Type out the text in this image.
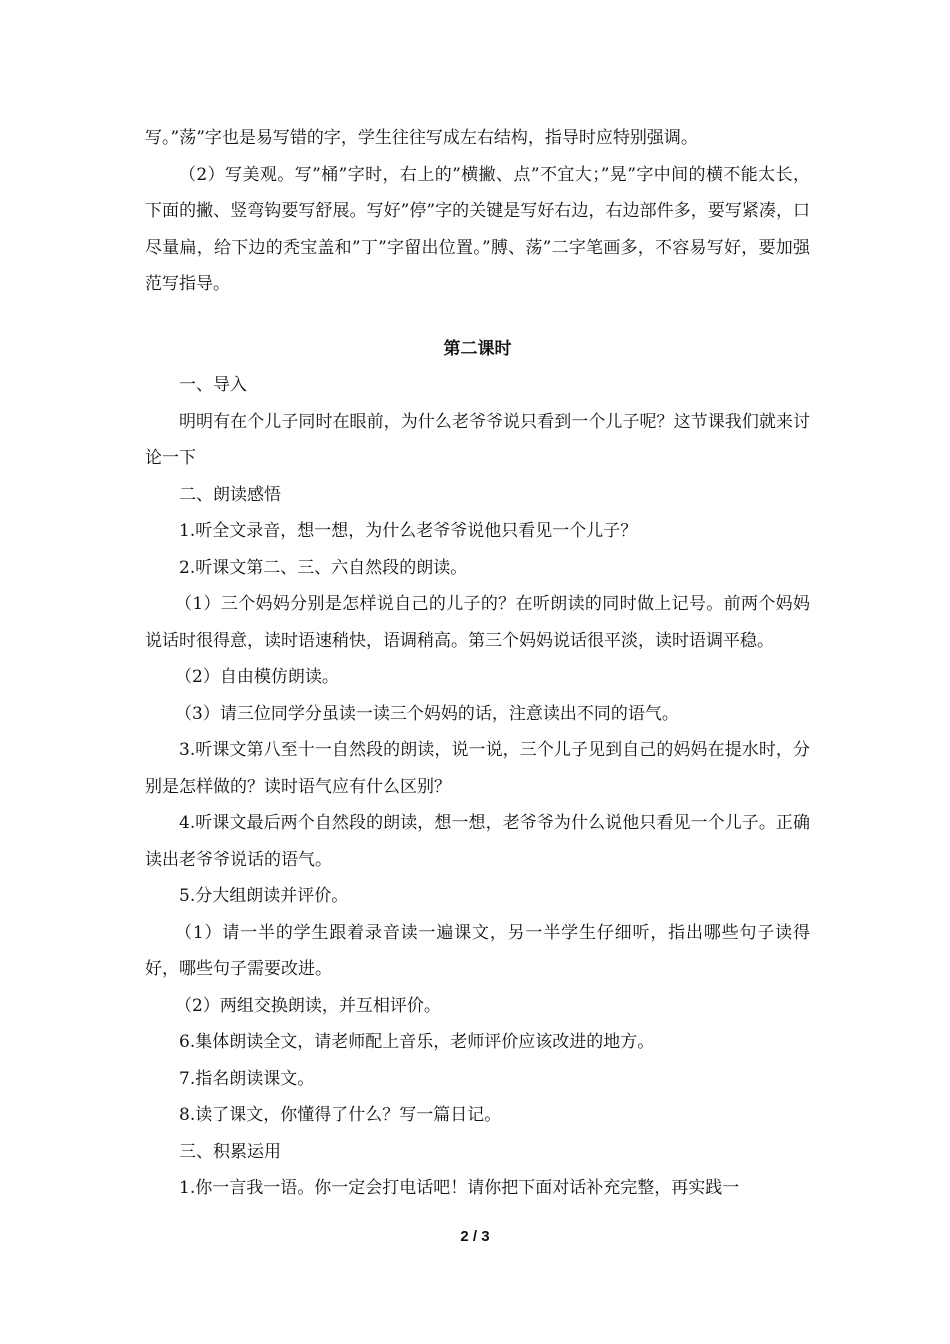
写。”荡”字也是易写错的字，学生往往写成左右结构，指导时应特别强调。

（2）写美观。写”桶”字时，右上的”横撇、点”不宜大；”晃”字中间的横不能太长，下面的撇、竖弯钩要写舒展。写好”停”字的关键是写好右边，右边部件多，要写紧凑，口尽量扁，给下边的秃宝盖和”丁”字留出位置。”膊、荡”二字笔画多，不容易写好，要加强范写指导。

第二课时

一、导入

明明有在个儿子同时在眼前，为什么老爷爷说只看到一个儿子呢？这节课我们就来讨论一下

二、朗读感悟

1.听全文录音，想一想，为什么老爷爷说他只看见一个儿子？

2.听课文第二、三、六自然段的朗读。

（1）三个妈妈分别是怎样说自己的儿子的？在听朗读的同时做上记号。前两个妈妈说话时很得意，读时语速稍快，语调稍高。第三个妈妈说话很平淡，读时语调平稳。

（2）自由模仿朗读。

（3）请三位同学分虽读一读三个妈妈的话，注意读出不同的语气。

3.听课文第八至十一自然段的朗读，说一说，三个儿子见到自己的妈妈在提水时，分别是怎样做的？读时语气应有什么区别？

4.听课文最后两个自然段的朗读，想一想，老爷爷为什么说他只看见一个儿子。正确读出老爷爷说话的语气。

5.分大组朗读并评价。

（1）请一半的学生跟着录音读一遍课文，另一半学生仔细听，指出哪些句子读得好，哪些句子需要改进。

（2）两组交换朗读，并互相评价。

6.集体朗读全文，请老师配上音乐，老师评价应该改进的地方。

7.指名朗读课文。

8.读了课文，你懂得了什么？写一篇日记。

三、积累运用

1.你一言我一语。你一定会打电话吧！请你把下面对话补充完整，再实践一

2 / 3
